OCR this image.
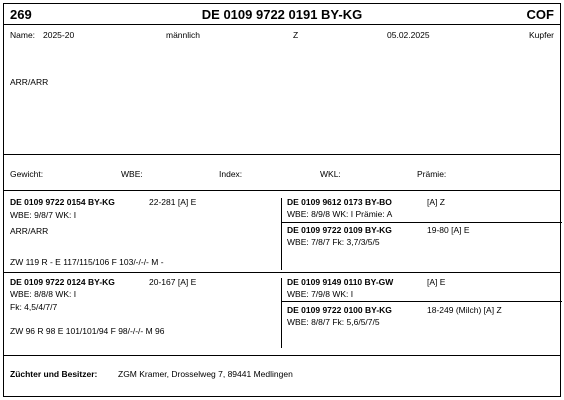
269	DE 0109 9722 0191 BY-KG	COF
Name: 2025-20	männlich	Z	05.02.2025	Kupfer
ARR/ARR
Gewicht:	WBE:	Index:	WKL:	Prämie:
DE 0109 9722 0154 BY-KG	22-281 [A] E
WBE: 9/8/7 WK: I
ARR/ARR
ZW 119 R - E 117/115/106 F 103/-/-/- M -
DE 0109 9612 0173 BY-BO	[A] Z
WBE: 8/9/8 WK: I Prämie: A
DE 0109 9722 0109 BY-KG	19-80 [A] E
WBE: 7/8/7 Fk: 3,7/3/5/5
DE 0109 9722 0124 BY-KG	20-167 [A] E
WBE: 8/8/8 WK: I
Fk: 4,5/4/7/7
ZW 96 R 98 E 101/101/94 F 98/-/-/- M 96
DE 0109 9149 0110 BY-GW	[A] E
WBE: 7/9/8 WK: I
DE 0109 9722 0100 BY-KG	18-249 (Milch) [A] Z
WBE: 8/8/7 Fk: 5,6/5/7/5
Züchter und Besitzer: ZGM Kramer, Drosselweg 7, 89441 Medlingen
